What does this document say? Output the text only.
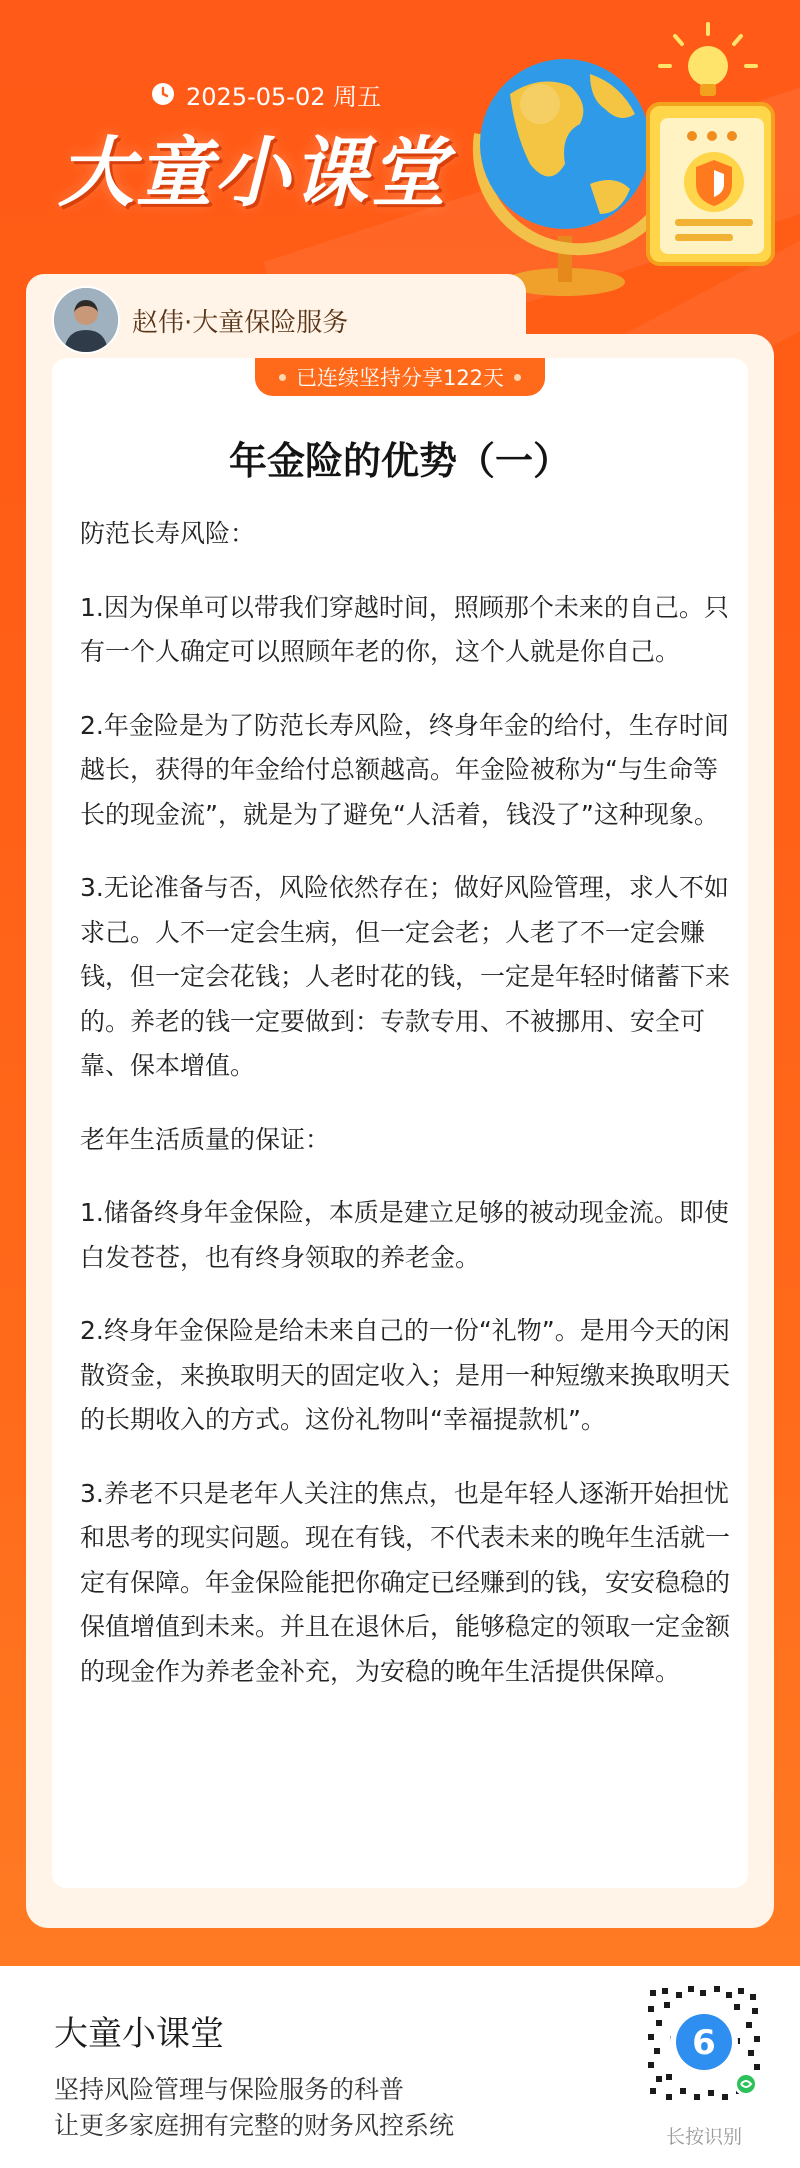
2025-05-02 周五
大童小课堂
赵伟·大童保险服务
已连续坚持分享122天
年金险的优势（一）

防范长寿风险：

1.因为保单可以带我们穿越时间，照顾那个未来的自己。只有一个人确定可以照顾年老的你，这个人就是你自己。

2.年金险是为了防范长寿风险，终身年金的给付，生存时间越长，获得的年金给付总额越高。年金险被称为“与生命等长的现金流”，就是为了避免“人活着，钱没了”这种现象。

3.无论准备与否，风险依然存在；做好风险管理，求人不如求己。人不一定会生病，但一定会老；人老了不一定会赚钱，但一定会花钱；人老时花的钱，一定是年轻时储蓄下来的。养老的钱一定要做到：专款专用、不被挪用、安全可靠、保本增值。

老年生活质量的保证：

1.储备终身年金保险，本质是建立足够的被动现金流。即使白发苍苍，也有终身领取的养老金。

2.终身年金保险是给未来自己的一份“礼物”。是用今天的闲散资金，来换取明天的固定收入；是用一种短缴来换取明天的长期收入的方式。这份礼物叫“幸福提款机”。

3.养老不只是老年人关注的焦点，也是年轻人逐渐开始担忧和思考的现实问题。现在有钱，不代表未来的晚年生活就一定有保障。年金保险能把你确定已经赚到的钱，安安稳稳的保值增值到未来。并且在退休后，能够稳定的领取一定金额的现金作为养老金补充，为安稳的晚年生活提供保障。

大童小课堂
坚持风险管理与保险服务的科普
让更多家庭拥有完整的财务风控系统
6
长按识别
